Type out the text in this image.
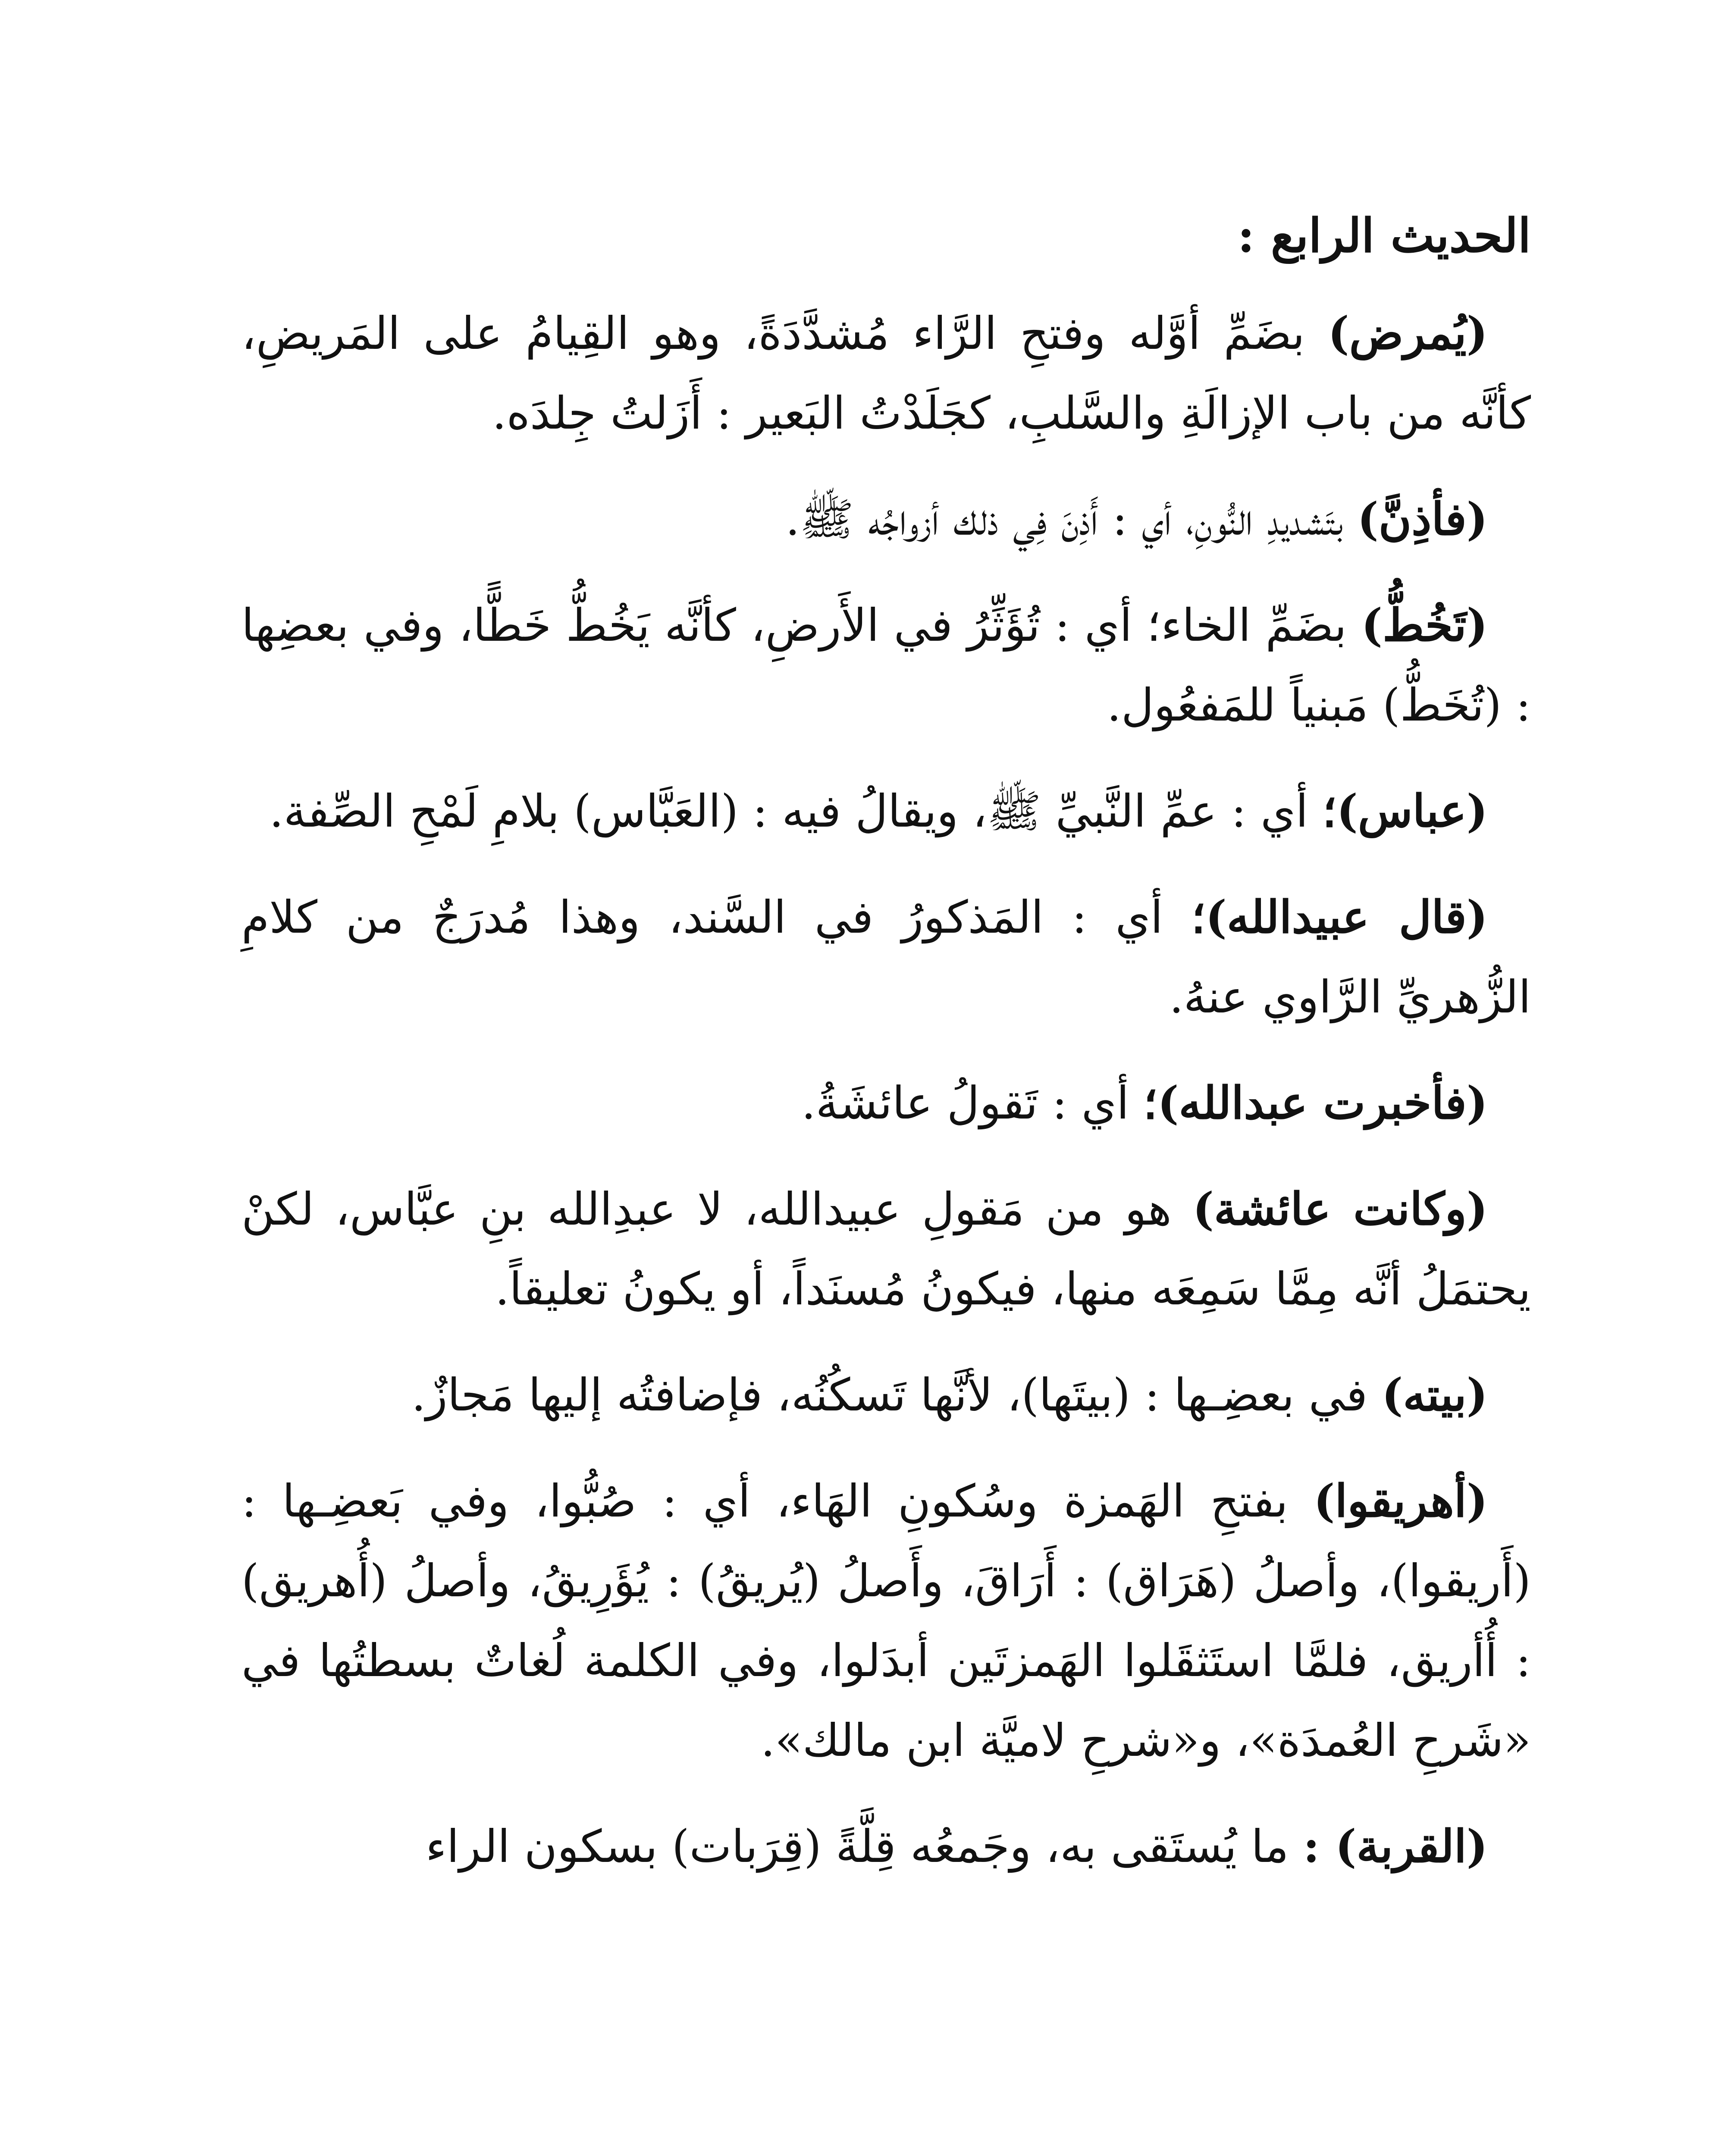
الحديث الرابع :

(يُمرض) بضَمِّ أوَّله وفتحِ الرَّاء مُشدَّدَةً، وهو القِيامُ على المَريضِ، كأنَّه من باب الإزالَةِ والسَّلبِ، كجَلَدْتُ البَعير : أَزَلتُ جِلدَه.

(فأذِنَّ) بتَشديدِ النُّونِ، أي : أَذِنَ فِي ذلك أزواجُه ﷺ.

(تَخُطُّ) بضَمِّ الخاء؛ أي : تُؤَثِّرُ في الأَرضِ، كأنَّه يَخُطُّ خَطًّا، وفي بعضِها : (تُخَطُّ) مَبنياً للمَفعُول.

(عباس)؛ أي : عمِّ النَّبيِّ ﷺ، ويقالُ فيه : (العَبَّاس) بلامِ لَمْحِ الصِّفة.

(قال عبيدالله)؛ أي : المَذكورُ في السَّند، وهذا مُدرَجٌ من كلامِ الزُّهريِّ الرَّاوي عنهُ.

(فأخبرت عبدالله)؛ أي : تَقولُ عائشَةُ.

(وكانت عائشة) هو من مَقولِ عبيدالله، لا عبدِالله بنِ عبَّاس، لكنْ يحتمَلُ أنَّه مِمَّا سَمِعَه منها، فيكونُ مُسنَداً، أو يكونُ تعليقاً.

(بيته) في بعضِـها : (بيتَها)، لأنَّها تَسكُنُه، فإضافتُه إليها مَجازٌ.

(أهريقوا) بفتحِ الهَمزة وسُكونِ الهَاء، أي : صُبُّوا، وفي بَعضِـها : (أَريقوا)، وأصلُ (هَرَاق) : أَرَاقَ، وأَصلُ (يُريقُ) : يُؤَرِيقُ، وأصلُ (أُهريق) : أُأريق، فلمَّا استَثقَلوا الهَمزتَين أبدَلوا، وفي الكلمة لُغاتٌ بسطتُها في «شَرحِ العُمدَة»، و«شرحِ لاميَّة ابن مالك».

(القربة) : ما يُستَقى به، وجَمعُه قِلَّةً (قِرَبات) بسكون الراء
